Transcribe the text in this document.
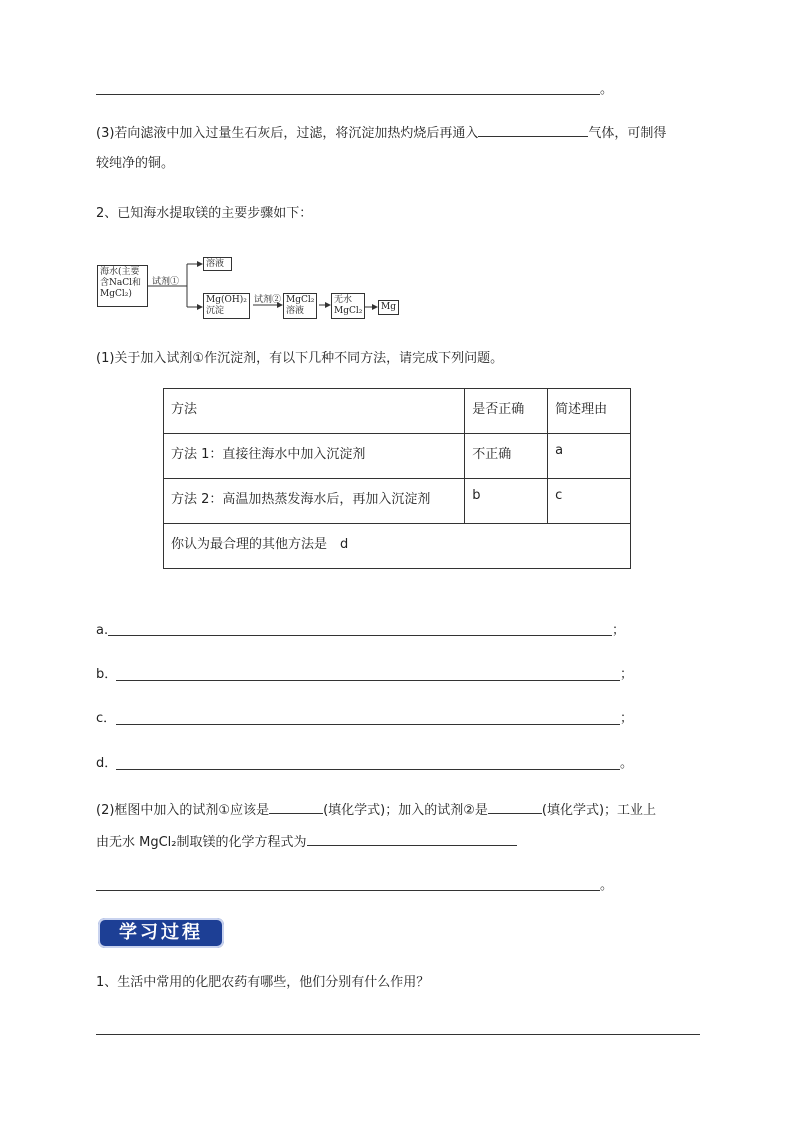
。
(3)若向滤液中加入过量生石灰后，过滤，将沉淀加热灼烧后再通入	气体，可制得
较纯净的铜。
2、已知海水提取镁的主要步骤如下：
海水(主要
含NaCl和
MgCl₂)
试剂①
溶液
Mg(OH)₂
沉淀
试剂② MgCl₂
溶液
无水
MgCl₂	Mg
(1)关于加入试剂①作沉淀剂，有以下几种不同方法，请完成下列问题。
方法	是否正确	简述理由
方法 1：直接往海水中加入沉淀剂	不正确	a
方法 2：高温加热蒸发海水后，再加入沉淀剂	b	c
你认为最合理的其他方法是　d		
a.	；
b．	；
c．	；
d．	。
(2)框图中加入的试剂①应该是	(填化学式)；加入的试剂②是	(填化学式)；工业上
由无水 MgCl₂制取镁的化学方程式为
。
学习过程
1、生活中常用的化肥农药有哪些，他们分别有什么作用？
